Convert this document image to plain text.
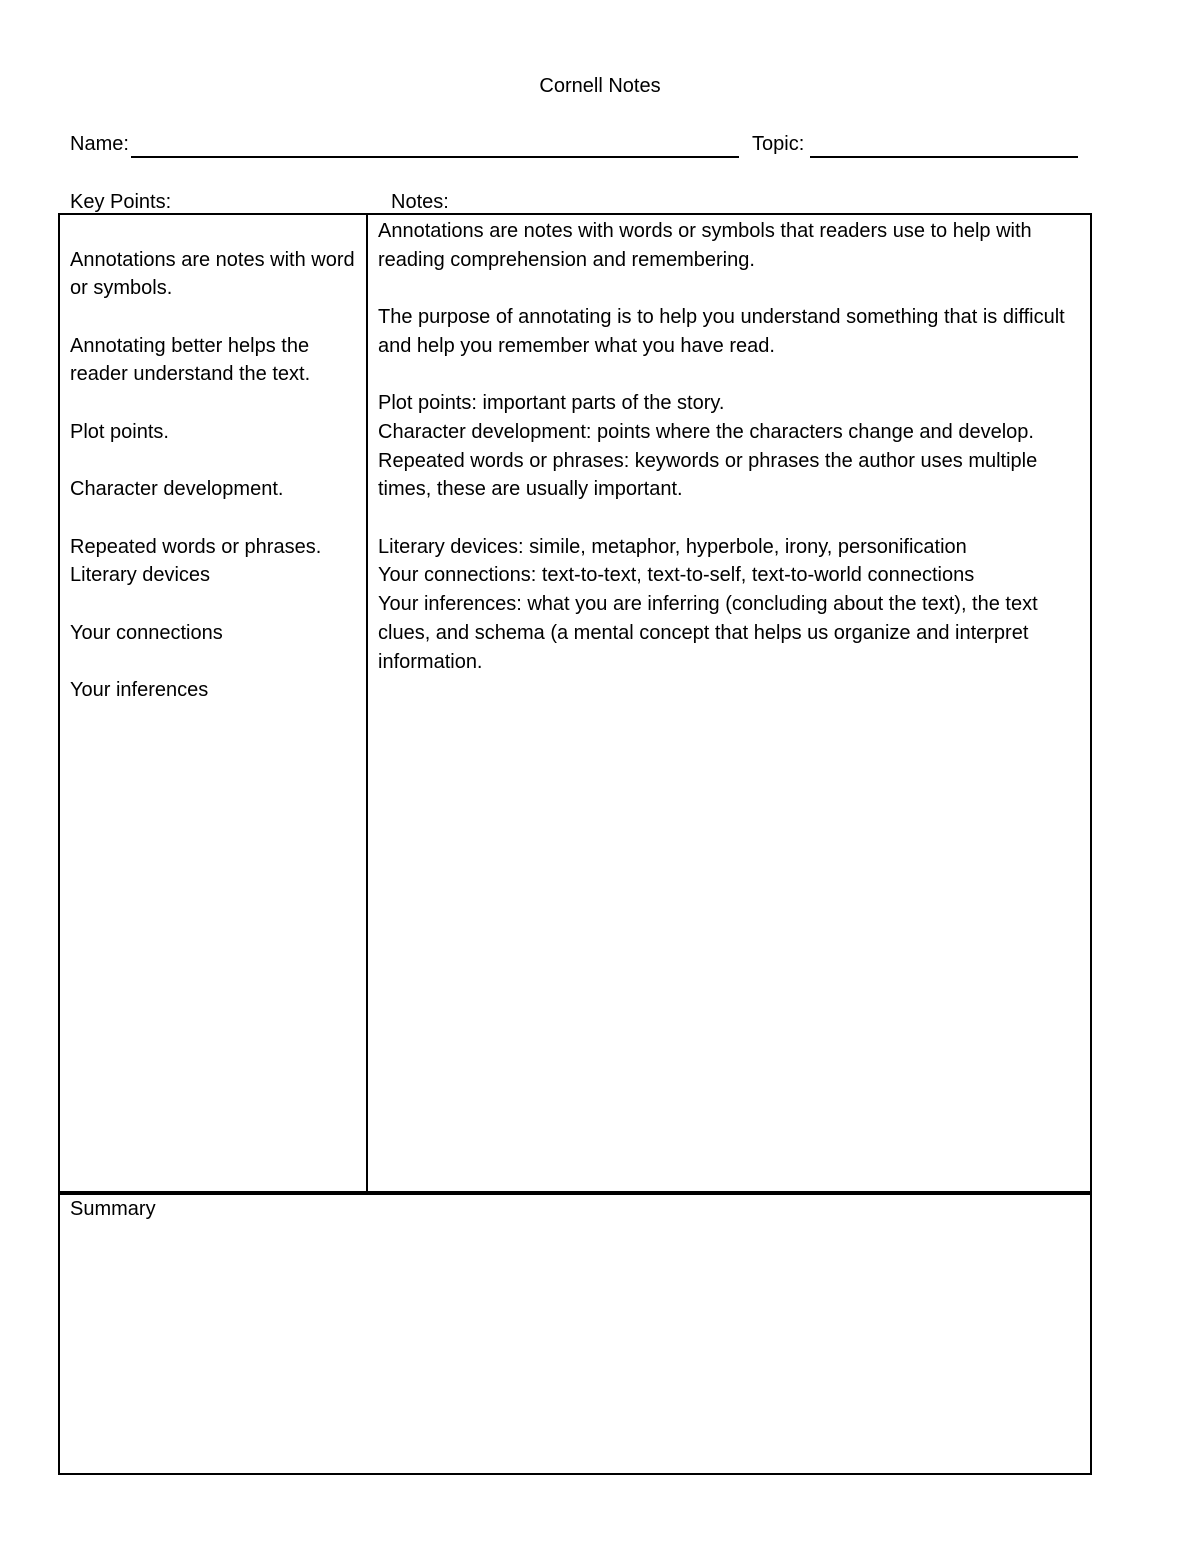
Cornell Notes
Name:	Topic:
Key Points:	Notes:

Annotations are notes with word or symbols.

Annotating better helps the reader understand the text.

Plot points.

Character development.

Repeated words or phrases.

Literary devices

Your connections

Your inferences

Annotations are notes with words or symbols that readers use to help with reading comprehension and remembering.

The purpose of annotating is to help you understand something that is difficult and help you remember what you have read.

Plot points: important parts of the story.

Character development: points where the characters change and develop.

Repeated words or phrases: keywords or phrases the author uses multiple times, these are usually important.

Literary devices: simile, metaphor, hyperbole, irony, personification

Your connections: text-to-text, text-to-self, text-to-world connections

Your inferences: what you are inferring (concluding about the text), the text clues, and schema (a mental concept that helps us organize and interpret information.

Summary
